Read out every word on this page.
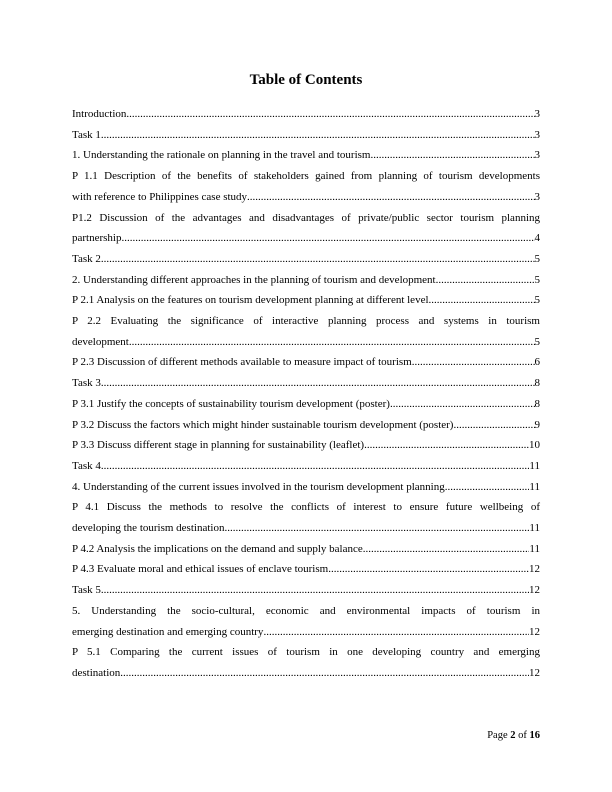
Table of Contents
Introduction .....	3
Task 1 .....	3
1. Understanding the rationale on planning in the travel and tourism .....	3
P 1.1 Description of the benefits of stakeholders gained from planning of tourism developments
with reference to Philippines case study .....	3
P1.2 Discussion of the advantages and disadvantages of private/public sector tourism planning
partnership .....	4
Task 2 .....	5
2. Understanding different approaches in the planning of tourism and development .....	5
P 2.1 Analysis on the features on tourism development planning at different level .....	5
P 2.2 Evaluating the significance of interactive planning process and systems in tourism
development .....	5
P 2.3 Discussion of different methods available to measure impact of tourism .....	6
Task 3 .....	8
P 3.1 Justify the concepts of sustainability tourism development (poster) .....	8
P 3.2 Discuss the factors which might hinder sustainable tourism development (poster) .....	9
P 3.3 Discuss different stage in planning for sustainability (leaflet) .....	10
Task 4 .....	11
4. Understanding of the current issues involved in the tourism development planning .....	11
P 4.1 Discuss the methods to resolve the conflicts of interest to ensure future wellbeing of
developing the tourism destination .....	11
P 4.2 Analysis the implications on the demand and supply balance .....	11
P 4.3 Evaluate moral and ethical issues of enclave tourism .....	12
Task 5 .....	12
5. Understanding the socio-cultural, economic and environmental impacts of tourism in
emerging destination and emerging country .....	12
P 5.1 Comparing the current issues of tourism in one developing country and emerging
destination .....	12
Page 2 of 16
